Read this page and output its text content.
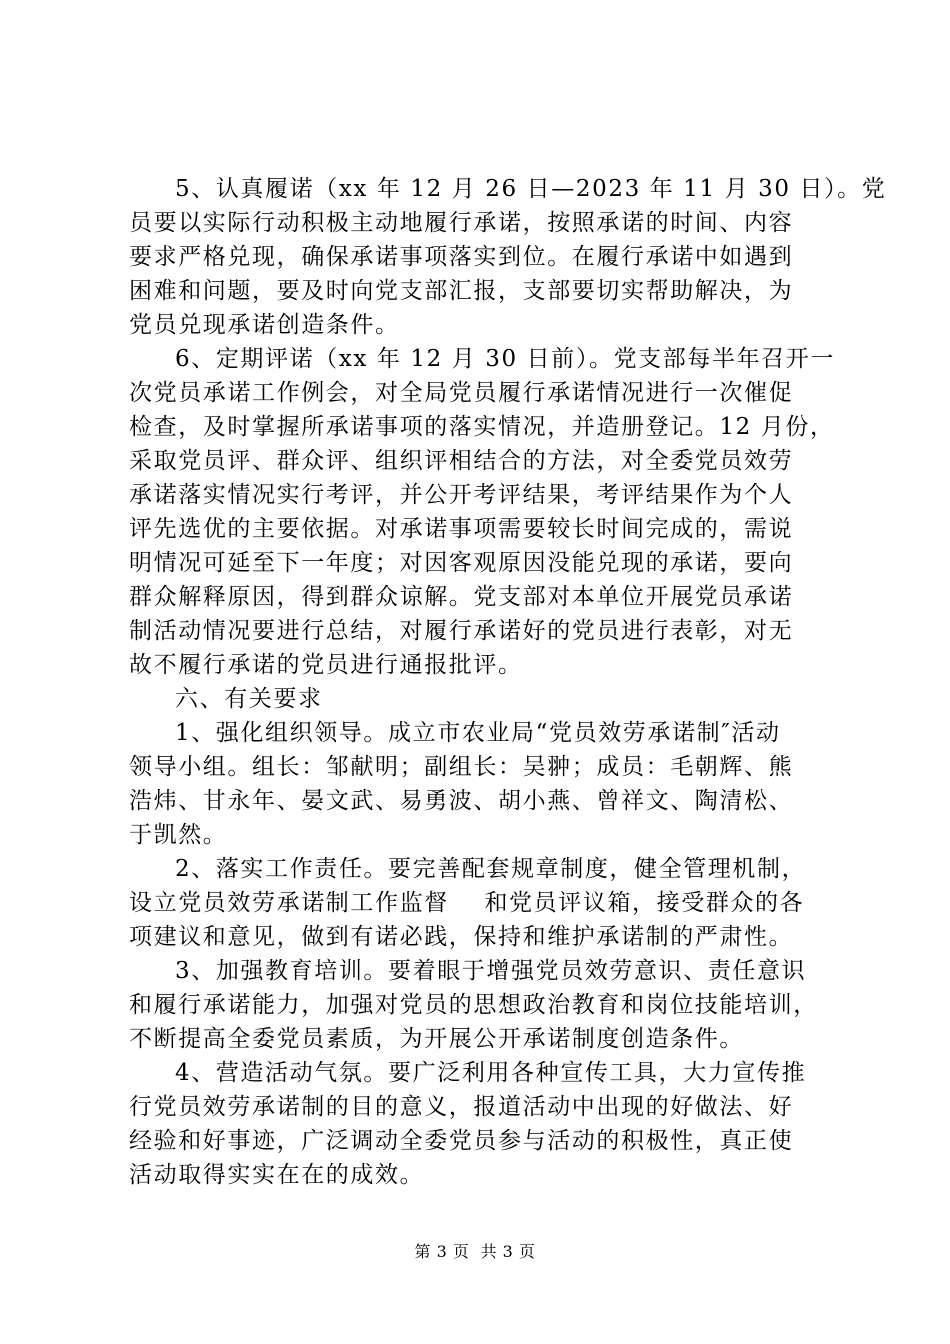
5、认真履诺（xx 年 12 月 26 日—2023 年 11 月 30 日）。党
员要以实际行动积极主动地履行承诺，按照承诺的时间、内容
要求严格兑现，确保承诺事项落实到位。在履行承诺中如遇到
困难和问题，要及时向党支部汇报，支部要切实帮助解决，为
党员兑现承诺创造条件。
6、定期评诺（xx 年 12 月 30 日前）。党支部每半年召开一
次党员承诺工作例会，对全局党员履行承诺情况进行一次催促
检查，及时掌握所承诺事项的落实情况，并造册登记。12 月份，
采取党员评、群众评、组织评相结合的方法，对全委党员效劳
承诺落实情况实行考评，并公开考评结果，考评结果作为个人
评先选优的主要依据。对承诺事项需要较长时间完成的，需说
明情况可延至下一年度；对因客观原因没能兑现的承诺，要向
群众解释原因，得到群众谅解。党支部对本单位开展党员承诺
制活动情况要进行总结，对履行承诺好的党员进行表彰，对无
故不履行承诺的党员进行通报批评。
六、有关要求
1、强化组织领导。成立市农业局“党员效劳承诺制″活动
领导小组。组长：邹献明；副组长：吴翀；成员：毛朝辉、熊
浩炜、甘永年、晏文武、易勇波、胡小燕、曾祥文、陶清松、
于凯然。
2、落实工作责任。要完善配套规章制度，健全管理机制，
设立党员效劳承诺制工作监督    和党员评议箱，接受群众的各
项建议和意见，做到有诺必践，保持和维护承诺制的严肃性。
3、加强教育培训。要着眼于增强党员效劳意识、责任意识
和履行承诺能力，加强对党员的思想政治教育和岗位技能培训，
不断提高全委党员素质，为开展公开承诺制度创造条件。
4、营造活动气氛。要广泛利用各种宣传工具，大力宣传推
行党员效劳承诺制的目的意义，报道活动中出现的好做法、好
经验和好事迹，广泛调动全委党员参与活动的积极性，真正使
活动取得实实在在的成效。
第 3 页  共 3 页
